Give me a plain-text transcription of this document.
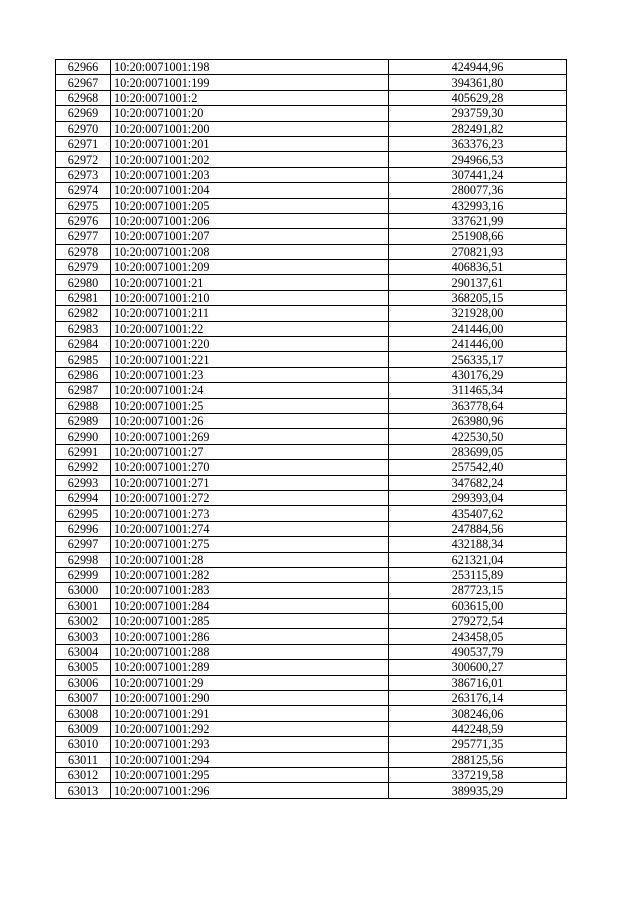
62966	10:20:0071001:198	424944,96
62967	10:20:0071001:199	394361,80
62968	10:20:0071001:2	405629,28
62969	10:20:0071001:20	293759,30
62970	10:20:0071001:200	282491,82
62971	10:20:0071001:201	363376,23
62972	10:20:0071001:202	294966,53
62973	10:20:0071001:203	307441,24
62974	10:20:0071001:204	280077,36
62975	10:20:0071001:205	432993,16
62976	10:20:0071001:206	337621,99
62977	10:20:0071001:207	251908,66
62978	10:20:0071001:208	270821,93
62979	10:20:0071001:209	406836,51
62980	10:20:0071001:21	290137,61
62981	10:20:0071001:210	368205,15
62982	10:20:0071001:211	321928,00
62983	10:20:0071001:22	241446,00
62984	10:20:0071001:220	241446,00
62985	10:20:0071001:221	256335,17
62986	10:20:0071001:23	430176,29
62987	10:20:0071001:24	311465,34
62988	10:20:0071001:25	363778,64
62989	10:20:0071001:26	263980,96
62990	10:20:0071001:269	422530,50
62991	10:20:0071001:27	283699,05
62992	10:20:0071001:270	257542,40
62993	10:20:0071001:271	347682,24
62994	10:20:0071001:272	299393,04
62995	10:20:0071001:273	435407,62
62996	10:20:0071001:274	247884,56
62997	10:20:0071001:275	432188,34
62998	10:20:0071001:28	621321,04
62999	10:20:0071001:282	253115,89
63000	10:20:0071001:283	287723,15
63001	10:20:0071001:284	603615,00
63002	10:20:0071001:285	279272,54
63003	10:20:0071001:286	243458,05
63004	10:20:0071001:288	490537,79
63005	10:20:0071001:289	300600,27
63006	10:20:0071001:29	386716,01
63007	10:20:0071001:290	263176,14
63008	10:20:0071001:291	308246,06
63009	10:20:0071001:292	442248,59
63010	10:20:0071001:293	295771,35
63011	10:20:0071001:294	288125,56
63012	10:20:0071001:295	337219,58
63013	10:20:0071001:296	389935,29
